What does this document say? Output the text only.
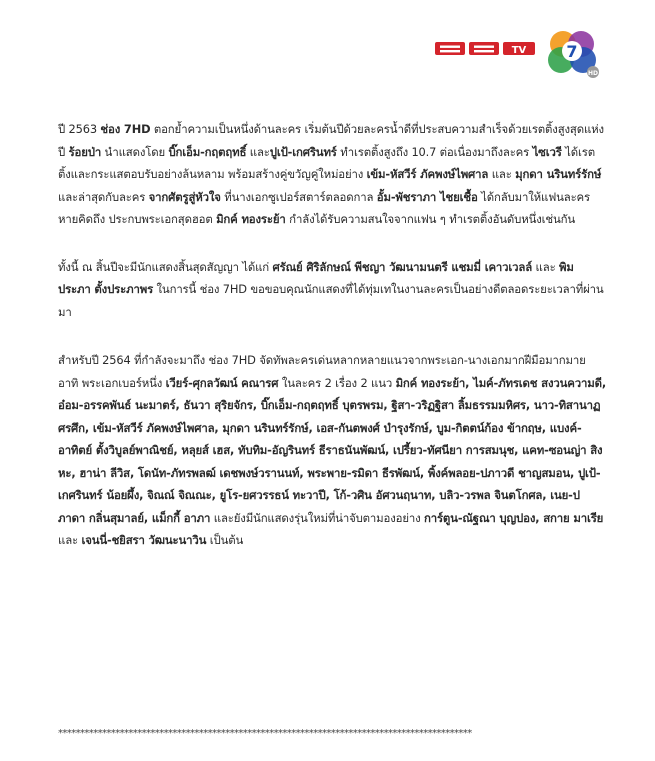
TV	7
HD

ปี 2563 ช่อง 7HD ตอกย้ำความเป็นหนึ่งด้านละคร เริ่มต้นปีด้วยละครน้ำดีที่ประสบความสำเร็จด้วยเรตติ้งสูงสุดแห่งปี ร้อยป่า นำแสดงโดย บิ๊กเอ็ม-กฤตฤทธิ์ และปูเป้-เกศรินทร์ ทำเรตติ้งสูงถึง 10.7 ต่อเนื่องมาถึงละคร ไซเวรี ได้เรตติ้งและกระแสตอบรับอย่างล้นหลาม พร้อมสร้างคู่ขวัญคู่ใหม่อย่าง เข้ม-หัสวีร์ ภัคพงษ์ไพศาล และ มุกดา นรินทร์รักษ์ และล่าสุดกับละคร จากศัตรูสู่หัวใจ ที่นางเอกซูเปอร์สตาร์ตลอดกาล อั้ม-พัชราภา ไชยเชื้อ ได้กลับมาให้แฟนละครหายคิดถึง ประกบพระเอกสุดฮอต มิกค์ ทองระย้า กำลังได้รับความสนใจจากแฟน ๆ ทำเรตติ้งอันดับหนึ่งเช่นกัน

ทั้งนี้ ณ สิ้นปีจะมีนักแสดงสิ้นสุดสัญญา ได้แก่ ศรัณย์ ศิริลักษณ์ พีชญา วัฒนามนตรี แชมมี่ เคาวเวลล์ และ พิมประภา ตั้งประภาพร ในการนี้ ช่อง 7HD ขอขอบคุณนักแสดงที่ได้ทุ่มเทในงานละครเป็นอย่างดีตลอดระยะเวลาที่ผ่านมา

สำหรับปี 2564 ที่กำลังจะมาถึง ช่อง 7HD จัดทัพละครเด่นหลากหลายแนวจากพระเอก-นางเอกมากฝีมือมากมาย อาทิ พระเอกเบอร์หนึ่ง เวียร์-ศุกลวัฒน์ คณารศ ในละคร 2 เรื่อง 2 แนว มิกค์ ทองระย้า, ไมค์-ภัทรเดช สงวนความดี, อ๋อม-อรรคพันธ์ นะมาตร์, ธันวา สุริยจักร, บิ๊กเอ็ม-กฤตฤทธิ์ บุตรพรม, ฐิสา-วริฏฐิสา ลิ้มธรรมมหิศร, นาว-ทิสานาฏ ศรศึก, เข้ม-หัสวีร์ ภัคพงษ์ไพศาล, มุกดา นรินทร์รักษ์, เอส-กันตพงศ์ บำรุงรักษ์, บูม-กิตตน์ก้อง ข้ากฤษ, แบงค์-อาทิตย์ ตั้งวิบูลย์พาณิชย์, หลุยส์ เฮส, ทับทิม-อัญรินทร์ ธีราธนันพัฒน์, เปรี้ยว-ทัศนียา การสมนุช, แคท-ซอนญ่า สิงหะ, ฮาน่า ลีวิส, โดนัท-ภัทรพลฒ์ เดชพงษ์วรานนท์, พระพาย-รมิดา ธีรพัฒน์, พิ้งค์พลอย-ปภาวดี ชาญสมอน, ปูเป้-เกศรินทร์ น้อยผึ้ง, จิณณ์ จิณณะ, ยูโร-ยศวรรธน์ ทะวาปี, โก้-วศิน อัศวนฤนาท, บลิว-วรพล จินตโกศล, เนย-ปภาดา กลิ่นสุมาลย์, แม็กกี้ อาภา และยังมีนักแสดงรุ่นใหม่ที่น่าจับตามองอย่าง การ์ตูน-ณัฐณา บุญปอง, สกาย มาเรีย และ เจนนี่-ชยิสรา วัฒนะนาวิน เป็นต้น

**********************************************************************************************
